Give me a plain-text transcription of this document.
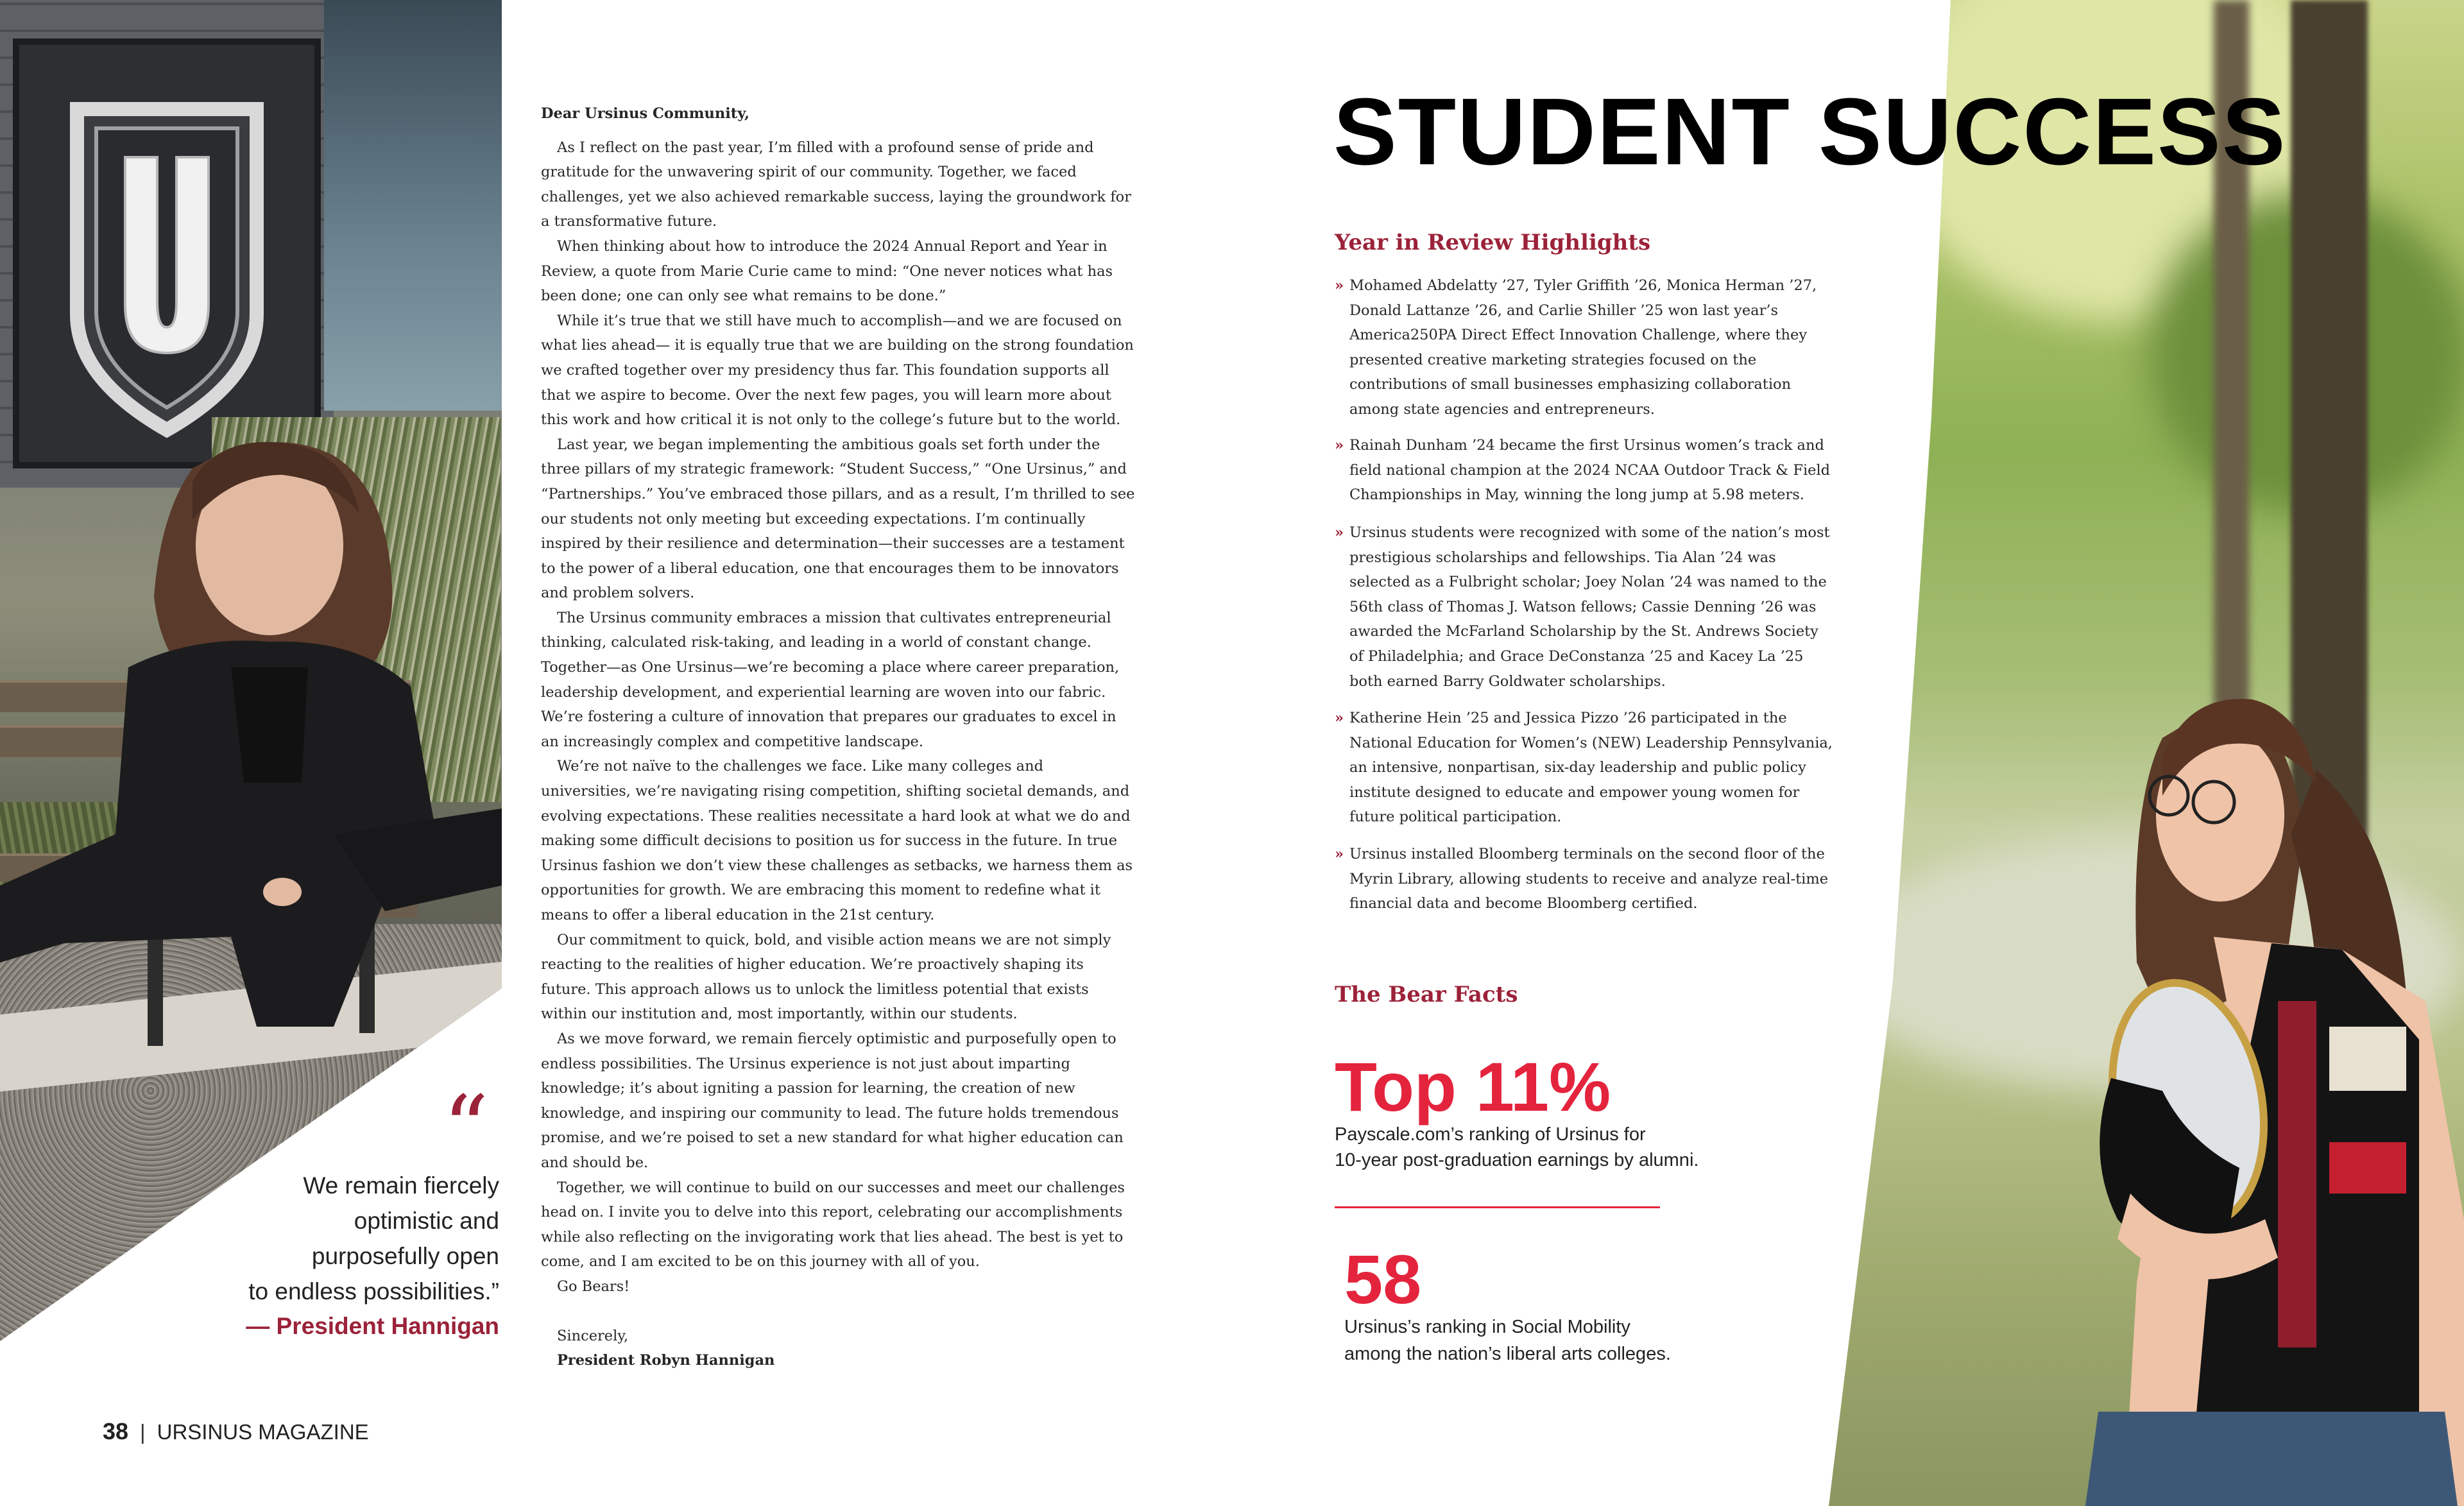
“
We remain fiercely
optimistic and
purposefully open
to endless possibilities.”
— President Hannigan
38 | URSINUS MAGAZINE
Dear Ursinus Community,

As I reflect on the past year, I’m filled with a profound sense of pride and gratitude for the unwavering spirit of our community. Together, we faced challenges, yet we also achieved remarkable success, laying the groundwork for a transformative future.

When thinking about how to introduce the 2024 Annual Report and Year in Review, a quote from Marie Curie came to mind: “One never notices what has been done; one can only see what remains to be done.”

While it’s true that we still have much to accomplish—and we are focused on what lies ahead— it is equally true that we are building on the strong foundation we crafted together over my presidency thus far. This foundation supports all that we aspire to become. Over the next few pages, you will learn more about this work and how critical it is not only to the college’s future but to the world.

Last year, we began implementing the ambitious goals set forth under the three pillars of my strategic framework: “Student Success,” “One Ursinus,” and “Partnerships.” You’ve embraced those pillars, and as a result, I’m thrilled to see our students not only meeting but exceeding expectations. I’m continually inspired by their resilience and determination—their successes are a testament to the power of a liberal education, one that encourages them to be innovators and problem solvers.

The Ursinus community embraces a mission that cultivates entrepreneurial thinking, calculated risk-taking, and leading in a world of constant change. Together—as One Ursinus—we’re becoming a place where career preparation, leadership development, and experiential learning are woven into our fabric. We’re fostering a culture of innovation that prepares our graduates to excel in an increasingly complex and competitive landscape.

We’re not naïve to the challenges we face. Like many colleges and universities, we’re navigating rising competition, shifting societal demands, and evolving expectations. These realities necessitate a hard look at what we do and making some difficult decisions to position us for success in the future. In true Ursinus fashion we don’t view these challenges as setbacks, we harness them as opportunities for growth. We are embracing this moment to redefine what it means to offer a liberal education in the 21st century.

Our commitment to quick, bold, and visible action means we are not simply reacting to the realities of higher education. We’re proactively shaping its future. This approach allows us to unlock the limitless potential that exists within our institution and, most importantly, within our students.

As we move forward, we remain fiercely optimistic and purposefully open to endless possibilities. The Ursinus experience is not just about imparting knowledge; it’s about igniting a passion for learning, the creation of new knowledge, and inspiring our community to lead. The future holds tremendous promise, and we’re poised to set a new standard for what higher education can and should be.

Together, we will continue to build on our successes and meet our challenges head on. I invite you to delve into this report, celebrating our accomplishments while also reflecting on the invigorating work that lies ahead. The best is yet to come, and I am excited to be on this journey with all of you.

Go Bears!

Sincerely,

President Robyn Hannigan

STUDENT SUCCESS
Year in Review Highlights
» Mohamed Abdelatty ’27, Tyler Griffith ’26, Monica Herman ’27, Donald Lattanze ’26, and Carlie Shiller ’25 won last year’s America250PA Direct Effect Innovation Challenge, where they presented creative marketing strategies focused on the contributions of small businesses emphasizing collaboration among state agencies and entrepreneurs.
» Rainah Dunham ’24 became the first Ursinus women’s track and field national champion at the 2024 NCAA Outdoor Track & Field Championships in May, winning the long jump at 5.98 meters.
» Ursinus students were recognized with some of the nation’s most prestigious scholarships and fellowships. Tia Alan ’24 was selected as a Fulbright scholar; Joey Nolan ’24 was named to the 56th class of Thomas J. Watson fellows; Cassie Denning ’26 was awarded the McFarland Scholarship by the St. Andrews Society of Philadelphia; and Grace DeConstanza ’25 and Kacey La ’25 both earned Barry Goldwater scholarships.
» Katherine Hein ’25 and Jessica Pizzo ’26 participated in the National Education for Women’s (NEW) Leadership Pennsylvania, an intensive, nonpartisan, six-day leadership and public policy institute designed to educate and empower young women for future political participation.
» Ursinus installed Bloomberg terminals on the second floor of the Myrin Library, allowing students to receive and analyze real-time financial data and become Bloomberg certified.
The Bear Facts
Top 11%
Payscale.com’s ranking of Ursinus for
10-year post-graduation earnings by alumni.
58
Ursinus’s ranking in Social Mobility
among the nation’s liberal arts colleges.
